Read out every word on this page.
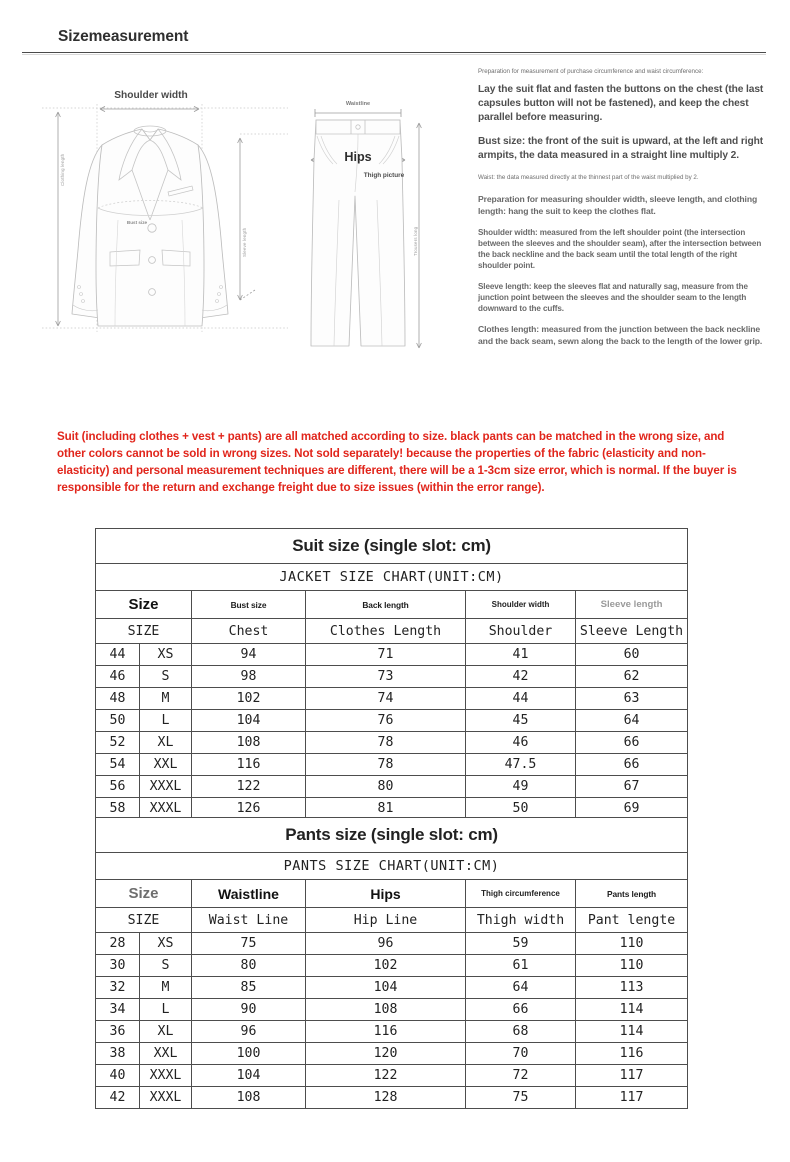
Sizemeasurement
Shoulder width
Clothing length
Sleeve length
Bust size
Waistline
Hips
Thigh picture
Trousers long
Preparation for measurement of purchase circumference and waist circumference:
Lay the suit flat and fasten the buttons on the chest (the last capsules button will not be fastened), and keep the chest parallel before measuring.
Bust size: the front of the suit is upward, at the left and right armpits, the data measured in a straight line multiply 2.
Waist: the data measured directly at the thinnest part of the waist multiplied by 2.
Preparation for measuring shoulder width, sleeve length, and clothing length: hang the suit to keep the clothes flat.
Shoulder width: measured from the left shoulder point (the intersection between the sleeves and the shoulder seam), after the intersection between the back neckline and the back seam until the total length of the right shoulder point.
Sleeve length: keep the sleeves flat and naturally sag, measure from the junction point between the sleeves and the shoulder seam to the length downward to the cuffs.
Clothes length: measured from the junction between the back neckline and the back seam, sewn along the back to the length of the lower grip.
Suit (including clothes + vest + pants) are all matched according to size. black pants can be matched in the wrong size, and other colors cannot be sold in wrong sizes. Not sold separately! because the properties of the fabric (elasticity and non-elasticity) and personal measurement techniques are different, there will be a 1-3cm size error, which is normal. If the buyer is responsible for the return and exchange freight due to size issues (within the error range).
Suit size (single slot: cm)					
JACKET SIZE CHART(UNIT:CM)					
Size		Bust size	Back length	Shoulder width	Sleeve length
SIZE		Chest	Clothes Length	Shoulder	Sleeve Length
44	XS	94	71	41	60
46	S	98	73	42	62
48	M	102	74	44	63
50	L	104	76	45	64
52	XL	108	78	46	66
54	XXL	116	78	47.5	66
56	XXXL	122	80	49	67
58	XXXL	126	81	50	69
Pants size (single slot: cm)					
PANTS SIZE CHART(UNIT:CM)					
Size		Waistline	Hips	Thigh circumference	Pants length
SIZE		Waist Line	Hip Line	Thigh width	Pant lengte
28	XS	75	96	59	110
30	S	80	102	61	110
32	M	85	104	64	113
34	L	90	108	66	114
36	XL	96	116	68	114
38	XXL	100	120	70	116
40	XXXL	104	122	72	117
42	XXXL	108	128	75	117
